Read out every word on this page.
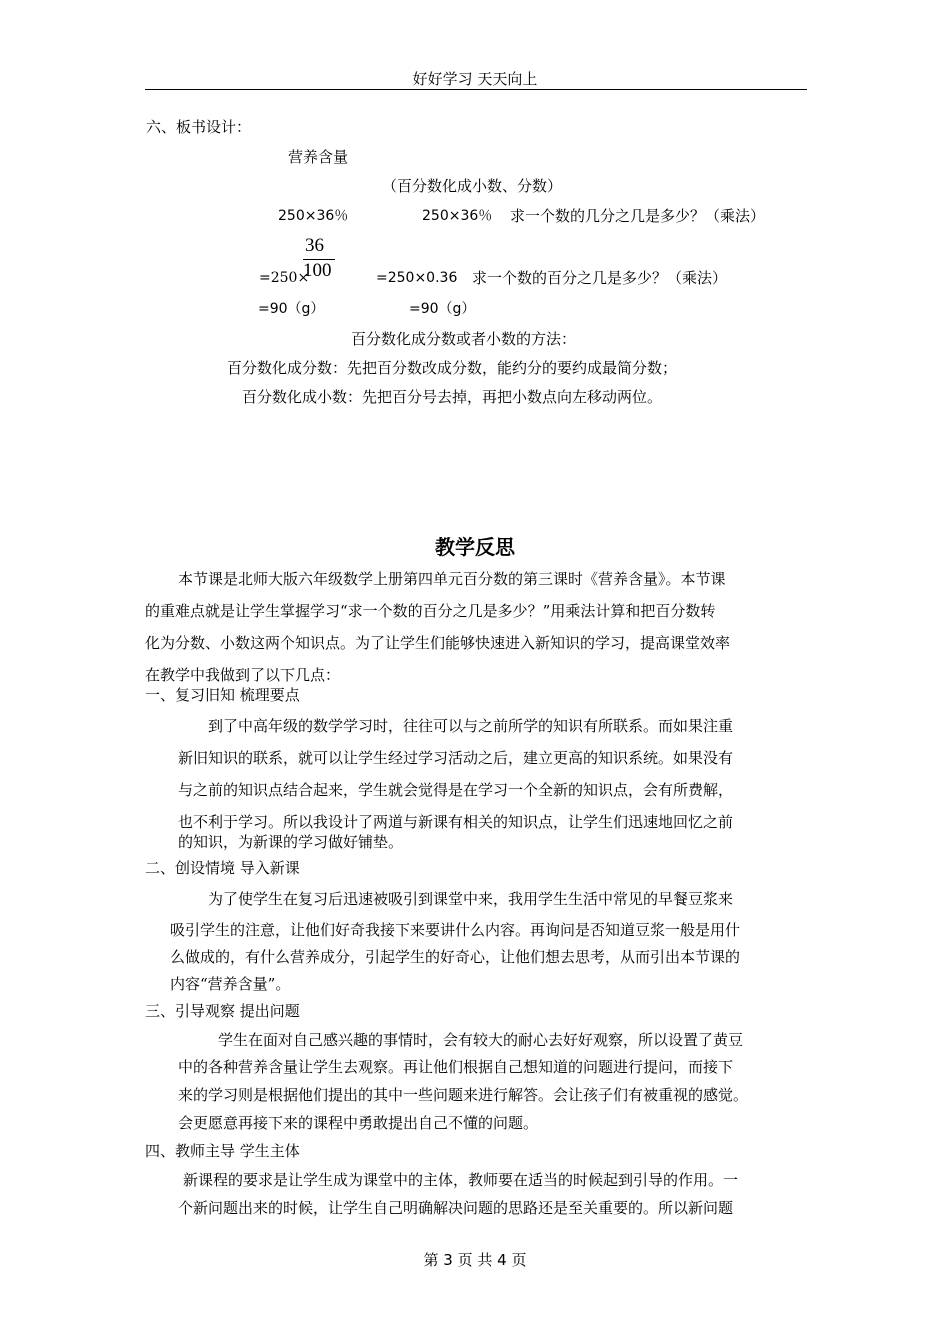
好好学习 天天向上
六、板书设计：
营养含量
（百分数化成小数、分数）
250×36％	250×36％ 求一个数的几分之几是多少？（乘法）
36
100
=250×	=250×0.36 求一个数的百分之几是多少？（乘法）
=90（g）	=90（g）
百分数化成分数或者小数的方法：
百分数化成分数：先把百分数改成分数，能约分的要约成最简分数；
百分数化成小数：先把百分号去掉，再把小数点向左移动两位。
教学反思
本节课是北师大版六年级数学上册第四单元百分数的第三课时《营养含量》。本节课
的重难点就是让学生掌握学习“求一个数的百分之几是多少？”用乘法计算和把百分数转
化为分数、小数这两个知识点。为了让学生们能够快速进入新知识的学习，提高课堂效率
在教学中我做到了以下几点：
一、复习旧知 梳理要点
到了中高年级的数学学习时，往往可以与之前所学的知识有所联系。而如果注重
新旧知识的联系，就可以让学生经过学习活动之后，建立更高的知识系统。如果没有
与之前的知识点结合起来，学生就会觉得是在学习一个全新的知识点，会有所费解，
也不利于学习。所以我设计了两道与新课有相关的知识点，让学生们迅速地回忆之前
的知识，为新课的学习做好铺垫。
二、创设情境 导入新课
为了使学生在复习后迅速被吸引到课堂中来，我用学生生活中常见的早餐豆浆来
吸引学生的注意，让他们好奇我接下来要讲什么内容。再询问是否知道豆浆一般是用什
么做成的，有什么营养成分，引起学生的好奇心，让他们想去思考，从而引出本节课的
内容“营养含量”。
三、引导观察 提出问题
学生在面对自己感兴趣的事情时，会有较大的耐心去好好观察，所以设置了黄豆
中的各种营养含量让学生去观察。再让他们根据自己想知道的问题进行提问，而接下
来的学习则是根据他们提出的其中一些问题来进行解答。会让孩子们有被重视的感觉。
会更愿意再接下来的课程中勇敢提出自己不懂的问题。
四、教师主导 学生主体
新课程的要求是让学生成为课堂中的主体，教师要在适当的时候起到引导的作用。一
个新问题出来的时候，让学生自己明确解决问题的思路还是至关重要的。所以新问题
第 3 页 共 4 页
